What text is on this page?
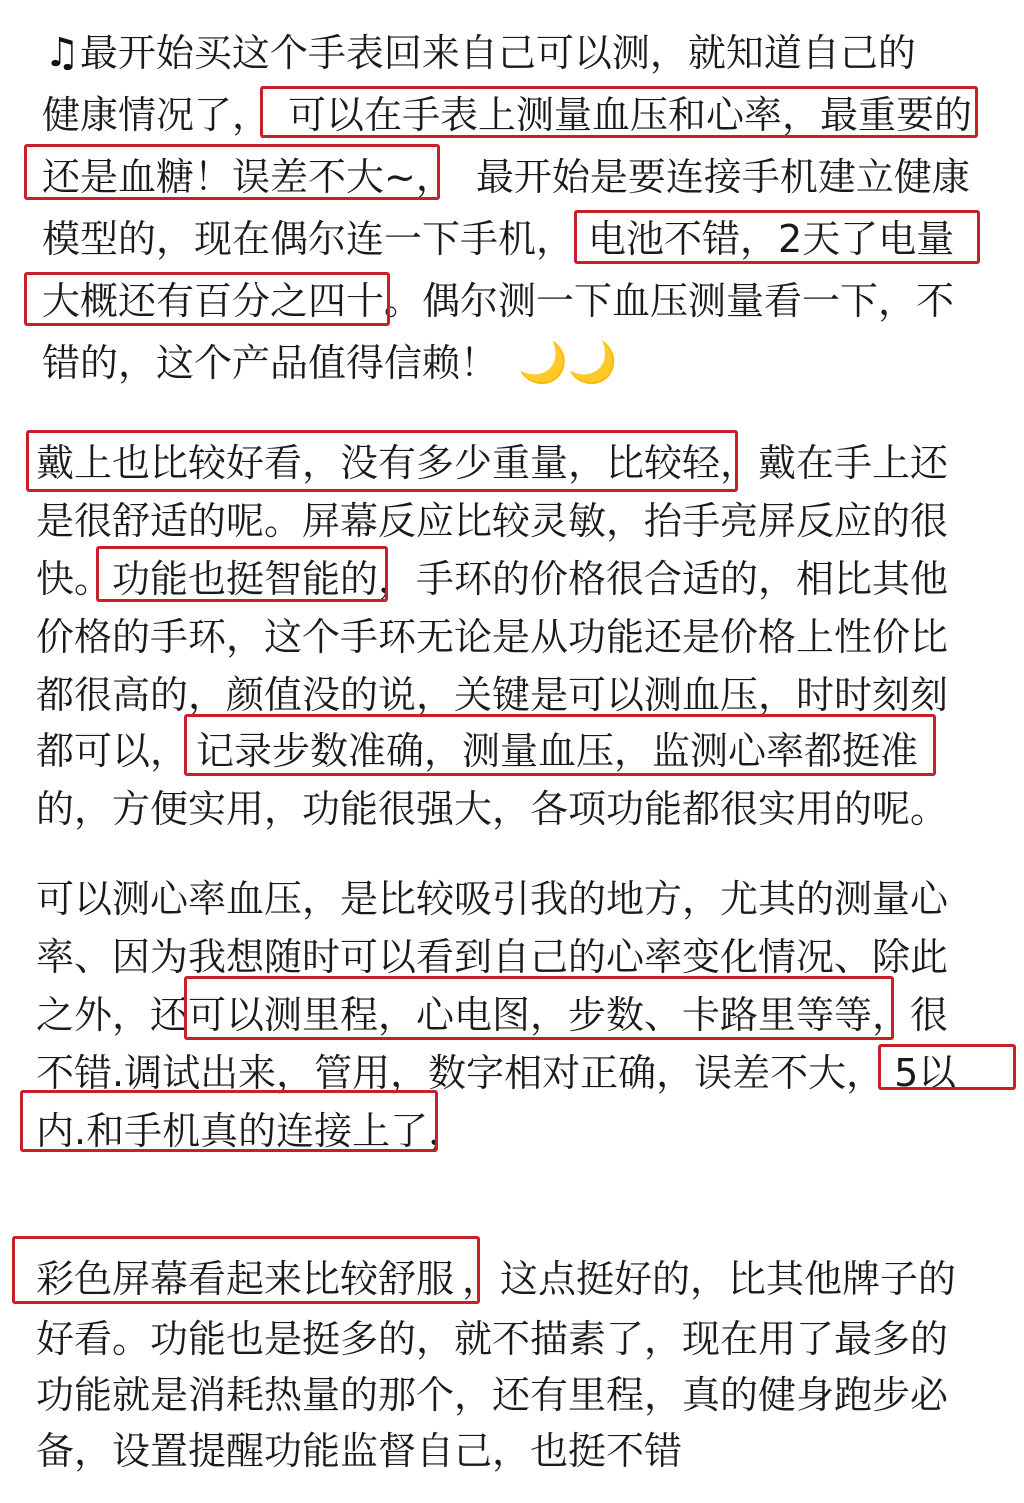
♫最开始买这个手表回来自己可以测，就知道自己的
健康情况了， 可以在手表上测量血压和心率，最重要的
还是血糖！误差不大~， 最开始是要连接手机建立健康
模型的，现在偶尔连一下手机， 电池不错，2天了电量
大概还有百分之四十。偶尔测一下血压测量看一下，不
错的，这个产品值得信赖！ 🌙🌙
戴上也比较好看，没有多少重量，比较轻，戴在手上还
是很舒适的呢。屏幕反应比较灵敏，抬手亮屏反应的很
快。功能也挺智能的，手环的价格很合适的，相比其他
价格的手环，这个手环无论是从功能还是价格上性价比
都很高的，颜值没的说，关键是可以测血压，时时刻刻
都可以， 记录步数准确，测量血压，监测心率都挺准
的，方便实用，功能很强大，各项功能都很实用的呢。
可以测心率血压，是比较吸引我的地方，尤其的测量心
率、因为我想随时可以看到自己的心率变化情况、除此
之外，还可以测里程，心电图，步数、卡路里等等，很
不错.调试出来，管用，数字相对正确，误差不大， 5以
内.和手机真的连接上了，
彩色屏幕看起来比较舒服 ，这点挺好的，比其他牌子的
好看。功能也是挺多的，就不描素了，现在用了最多的
功能就是消耗热量的那个，还有里程，真的健身跑步必
备，设置提醒功能监督自己，也挺不错
